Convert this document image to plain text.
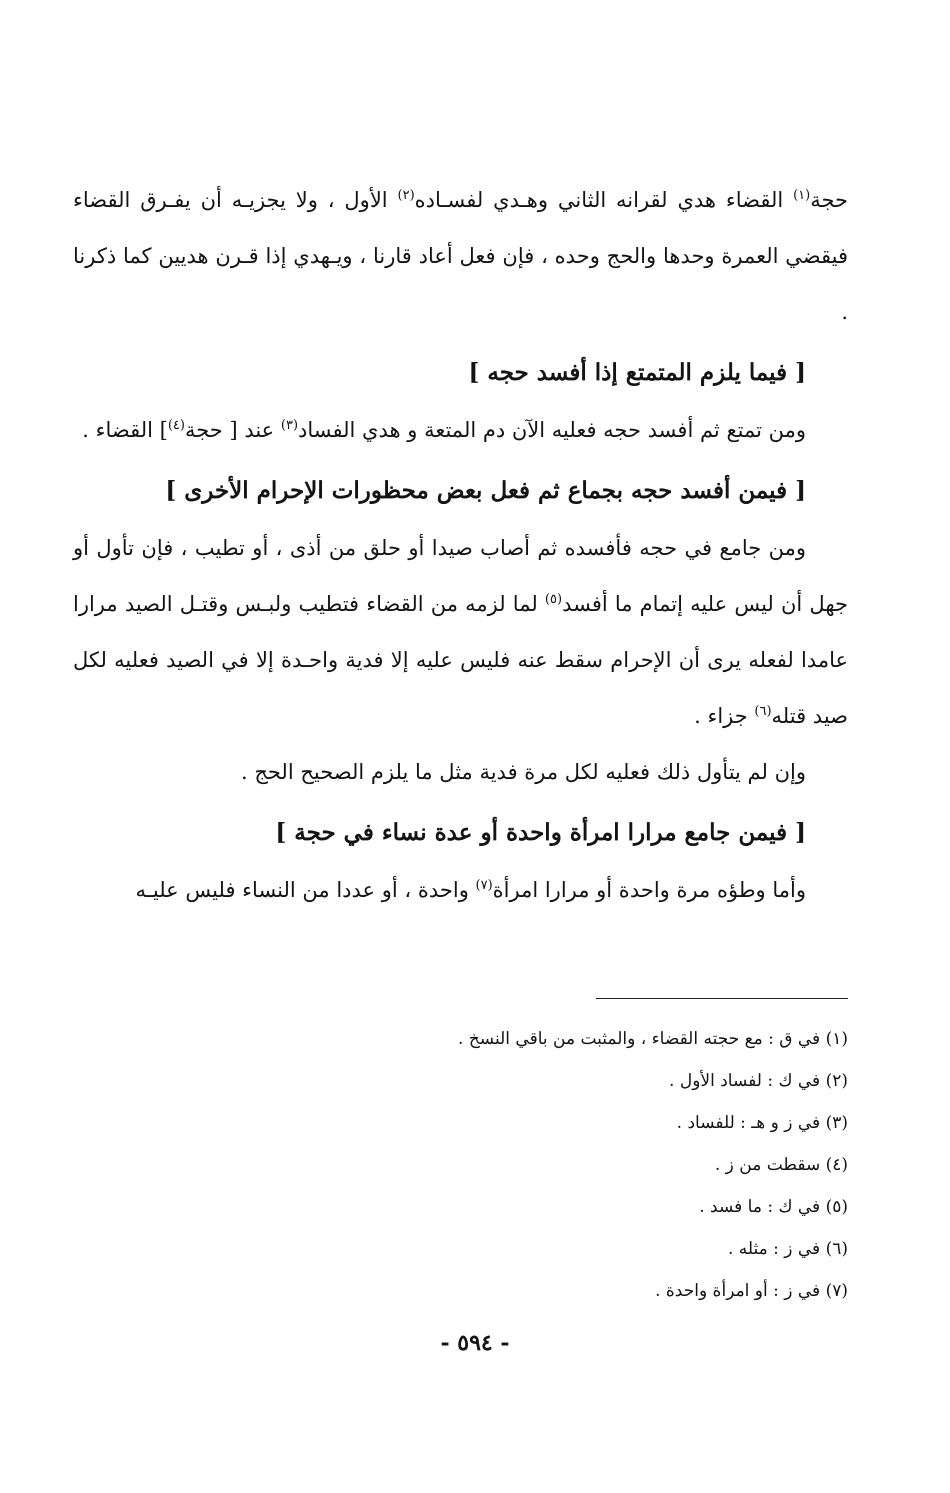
حجة$^{(١)}$ القضاء هدي لقرانه الثاني وهـدي لفسـاده$^{(٢)}$ الأول ، ولا يجزيـه أن يفـرق القضاء فيقضي العمرة وحدها والحج وحده ، فإن فعل أعاد قارنا ، ويـهدي إذا قـرن هديين كما ذكرنا .

[ فيما يلزم المتمتع إذا أفسد حجه ]

ومن تمتع ثم أفسد حجه فعليه الآن دم المتعة و هدي الفساد$^{(٣)}$ عند [ حجة$^{(٤)}$] القضاء .

[ فيمن أفسد حجه بجماع ثم فعل بعض محظورات الإحرام الأخرى ]

ومن جامع في حجه فأفسده ثم أصاب صيدا أو حلق من أذى ، أو تطيب ، فإن تأول أو جهل أن ليس عليه إتمام ما أفسد$^{(٥)}$ لما لزمه من القضاء فتطيب ولبـس وقتـل الصيد مرارا عامدا لفعله يرى أن الإحرام سقط عنه فليس عليه إلا فدية واحـدة إلا في الصيد فعليه لكل صيد قتله$^{(٦)}$ جزاء .

وإن لم يتأول ذلك فعليه لكل مرة فدية مثل ما يلزم الصحيح الحج .

[ فيمن جامع مرارا امرأة واحدة أو عدة نساء في حجة ]

وأما وطؤه مرة واحدة أو مرارا امرأة$^{(٧)}$ واحدة ، أو عددا من النساء فليس عليـه

(١) في ق : مع حجته القضاء ، والمثبت من باقي النسخ .
(٢) في ك : لفساد الأول .
(٣) في ز و هـ : للفساد .
(٤) سقطت من ز .
(٥) في ك : ما فسد .
(٦) في ز : مثله .
(٧) في ز : أو امرأة واحدة .
- ٥٩٤ -
